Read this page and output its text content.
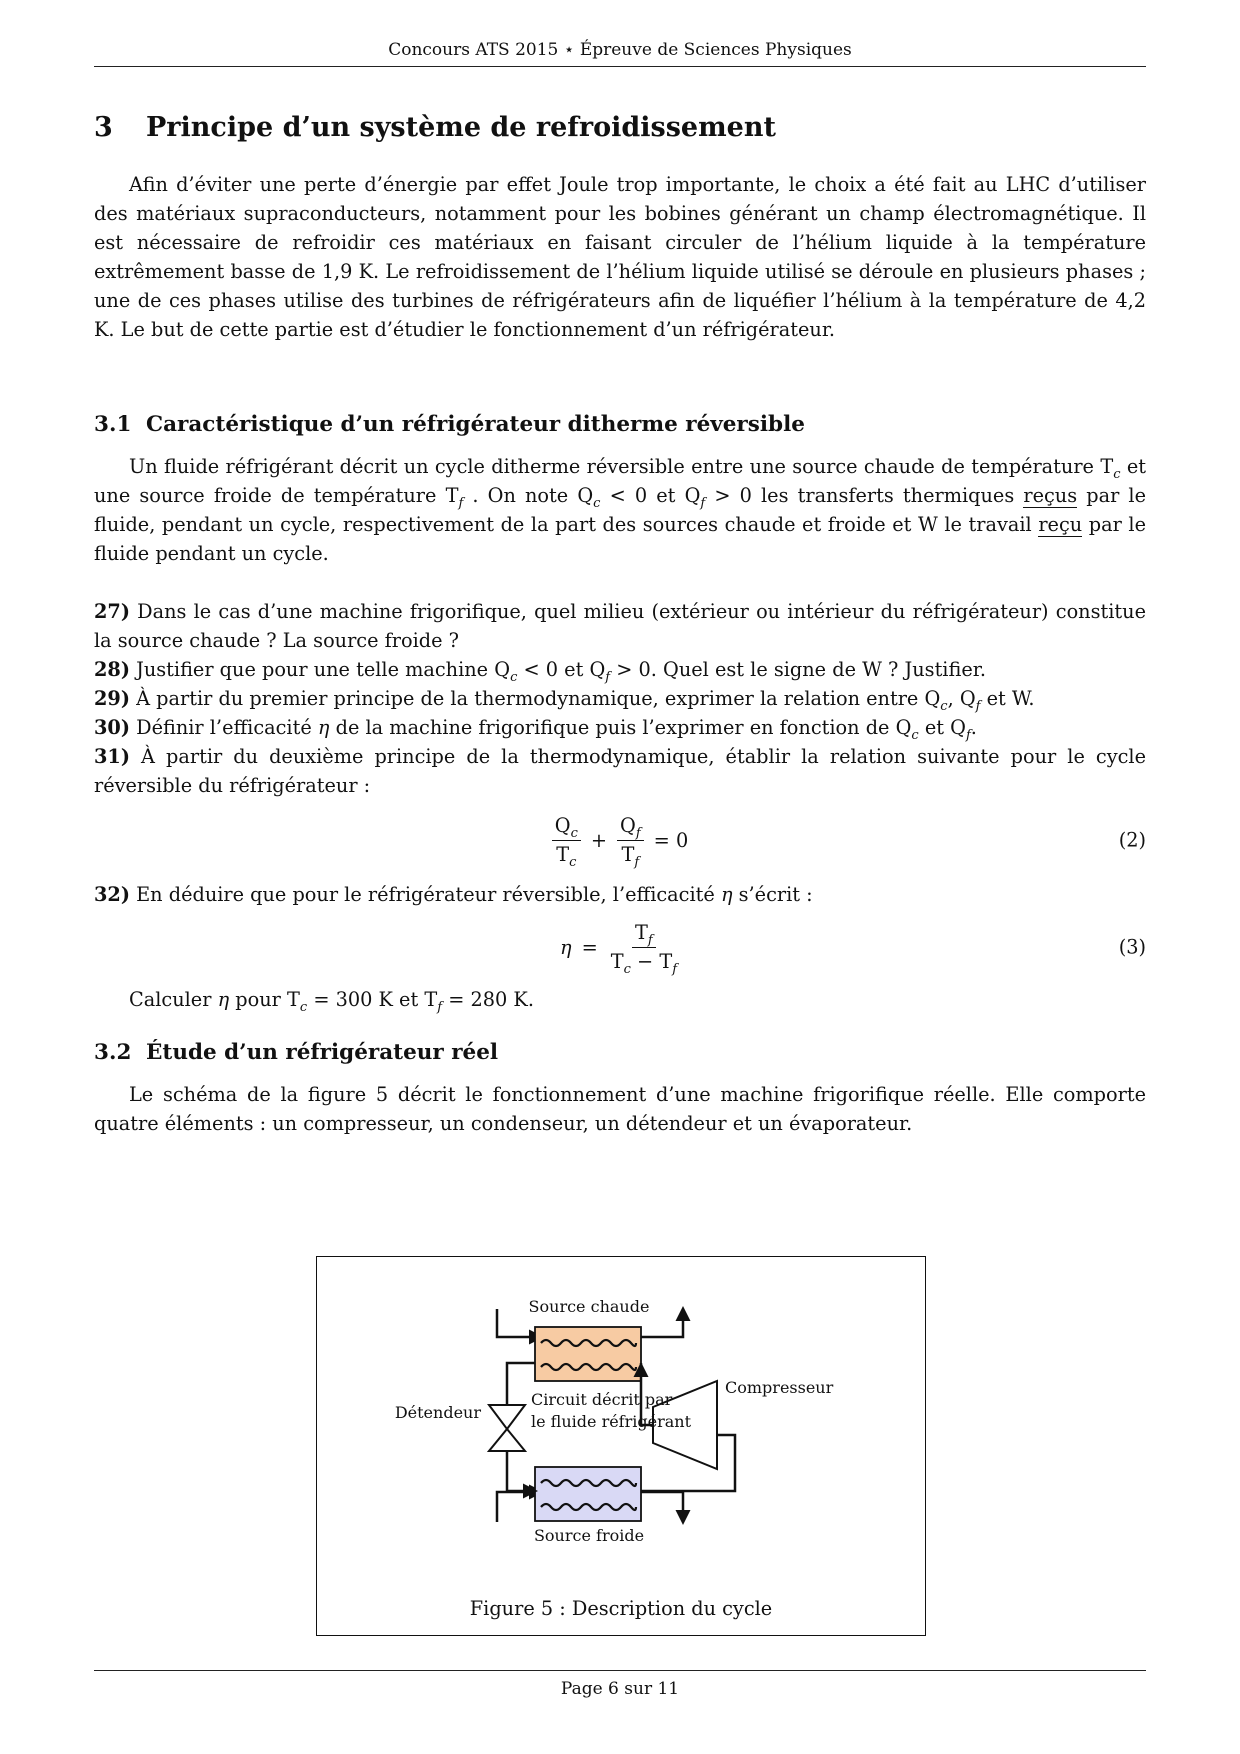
Concours ATS 2015 ⋆ Épreuve de Sciences Physiques
3 Principe d’un système de refroidissement

Afin d’éviter une perte d’énergie par effet Joule trop importante, le choix a été fait au LHC d’utiliser des matériaux supraconducteurs, notamment pour les bobines générant un champ électromagnétique. Il est nécessaire de refroidir ces matériaux en faisant circuler de l’hélium liquide à la température extrêmement basse de 1,9 K. Le refroidissement de l’hélium liquide utilisé se déroule en plusieurs phases ; une de ces phases utilise des turbines de réfrigérateurs afin de liquéfier l’hélium à la température de 4,2 K. Le but de cette partie est d’étudier le fonctionnement d’un réfrigérateur.

3.1 Caractéristique d’un réfrigérateur ditherme réversible

Un fluide réfrigérant décrit un cycle ditherme réversible entre une source chaude de température $T_c$ et une source froide de température $T_f$ . On note $Q_c < 0$ et $Q_f > 0$ les transferts thermiques reçus par le fluide, pendant un cycle, respectivement de la part des sources chaude et froide et W le travail reçu par le fluide pendant un cycle.

27) Dans le cas d’une machine frigorifique, quel milieu (extérieur ou intérieur du réfrigérateur) constitue la source chaude ? La source froide ?

28) Justifier que pour une telle machine $Q_c < 0$ et $Q_f > 0$. Quel est le signe de W ? Justifier.

29) À partir du premier principe de la thermodynamique, exprimer la relation entre $Q_c$, $Q_f$ et W.

30) Définir l’efficacité η de la machine frigorifique puis l’exprimer en fonction de $Q_c$ et $Q_f$.

31) À partir du deuxième principe de la thermodynamique, établir la relation suivante pour le cycle réversible du réfrigérateur :

$\frac{Q_c}{T_c} + \frac{Q_f}{T_f} = 0$	(2)

32) En déduire que pour le réfrigérateur réversible, l’efficacité η s’écrit :

$\eta = \frac{T_f}{T_c - T_f}$	(3)

Calculer η pour $T_c = 300$ K et $T_f = 280$ K.

3.2 Étude d’un réfrigérateur réel

Le schéma de la figure 5 décrit le fonctionnement d’une machine frigorifique réelle. Elle comporte quatre éléments : un compresseur, un condenseur, un détendeur et un évaporateur.

Source chaude
Source froide
Compresseur
Détendeur
Circuit décrit par
le fluide réfrigérant
Figure 5 : Description du cycle
Page 6 sur 11
